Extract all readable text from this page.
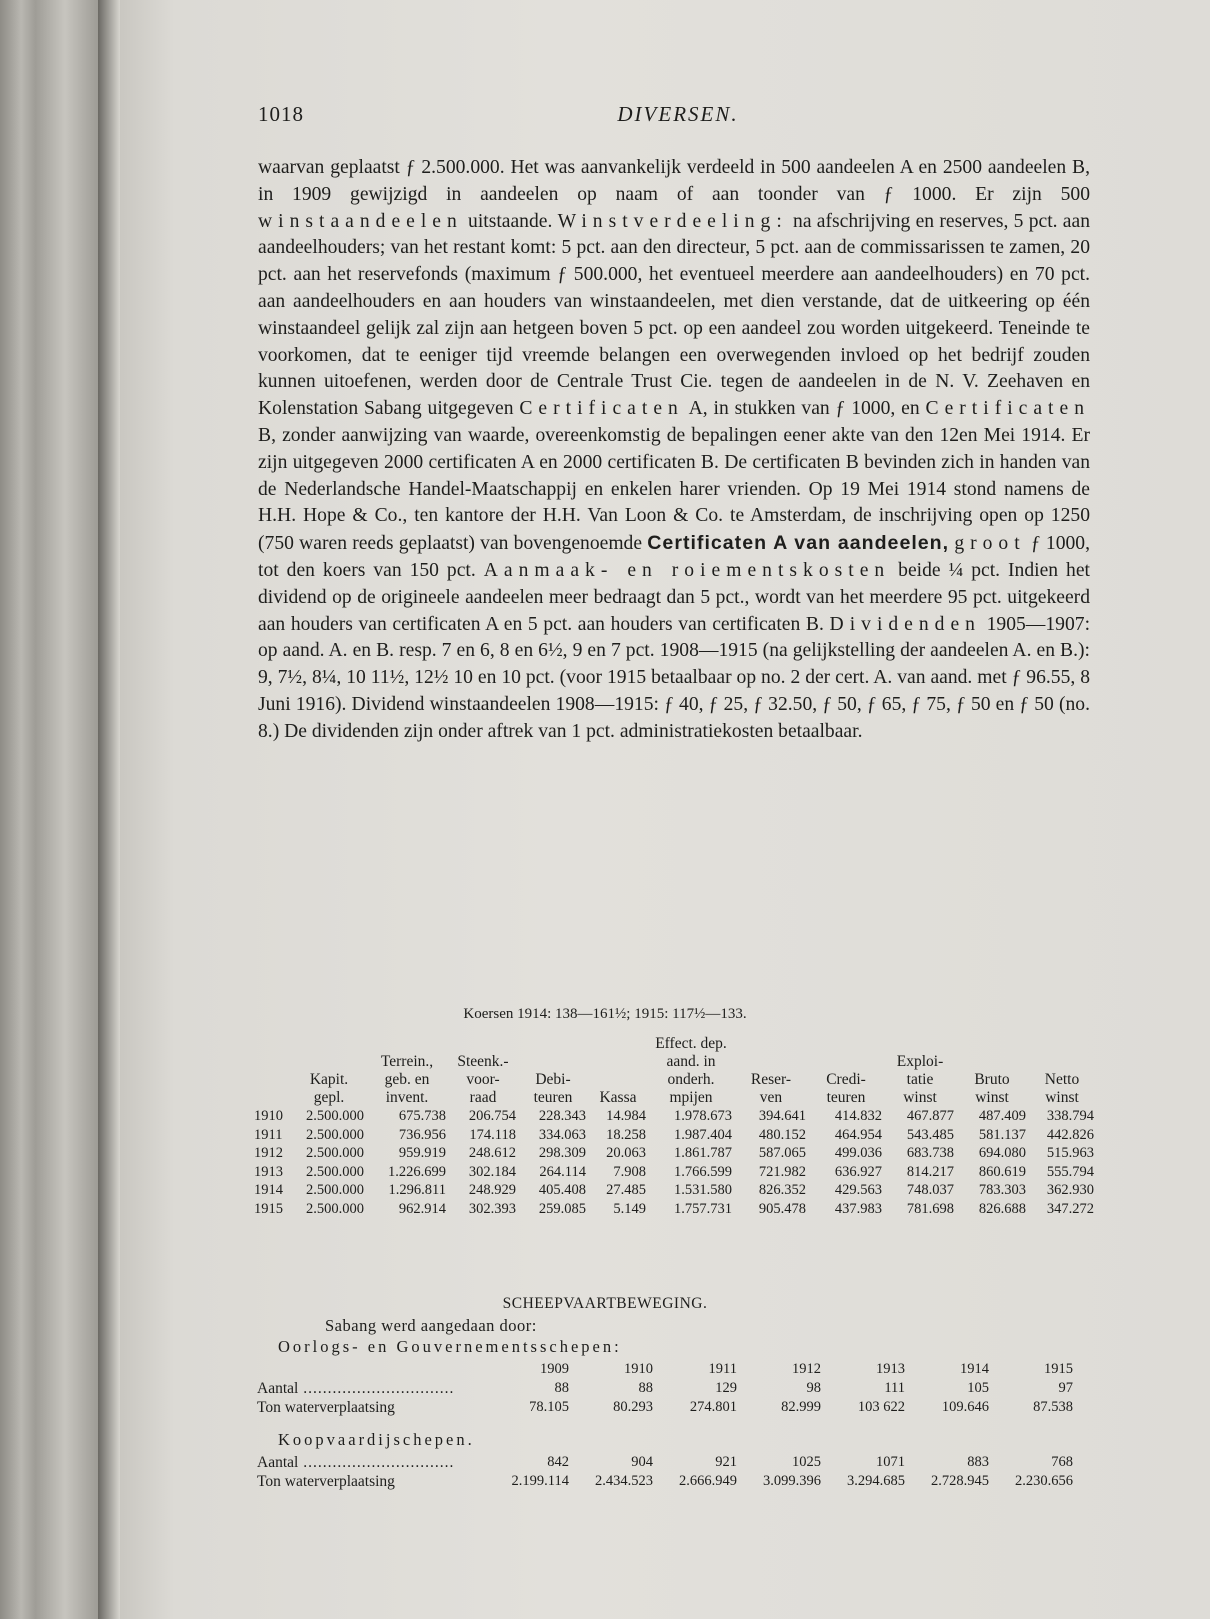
1018	DIVERSEN.

waarvan geplaatst ƒ 2.500.000. Het was aanvankelijk verdeeld in 500 aandeelen A en 2500 aandeelen B, in 1909 gewijzigd in aandeelen op naam of aan toonder van ƒ 1000. Er zijn 500 winstaandeelen uitstaande. Winstverdeeling: na afschrijving en reserves, 5 pct. aan aandeelhouders; van het restant komt: 5 pct. aan den directeur, 5 pct. aan de commissarissen te zamen, 20 pct. aan het reservefonds (maximum ƒ 500.000, het eventueel meerdere aan aandeelhouders) en 70 pct. aan aandeelhouders en aan houders van winstaandeelen, met dien verstande, dat de uitkeering op één winstaandeel gelijk zal zijn aan hetgeen boven 5 pct. op een aandeel zou worden uitgekeerd. Teneinde te voorkomen, dat te eeniger tijd vreemde belangen een overwegenden invloed op het bedrijf zouden kunnen uitoefenen, werden door de Centrale Trust Cie. tegen de aandeelen in de N. V. Zeehaven en Kolenstation Sabang uitgegeven Certificaten A, in stukken van ƒ 1000, en Certificaten B, zonder aanwijzing van waarde, overeenkomstig de bepalingen eener akte van den 12en Mei 1914. Er zijn uitgegeven 2000 certificaten A en 2000 certificaten B. De certificaten B bevinden zich in handen van de Nederlandsche Handel-Maatschappij en enkelen harer vrienden. Op 19 Mei 1914 stond namens de H.H. Hope & Co., ten kantore der H.H. Van Loon & Co. te Amsterdam, de inschrijving open op 1250 (750 waren reeds geplaatst) van bovengenoemde Certificaten A van aandeelen, groot ƒ 1000, tot den koers van 150 pct. Aanmaak- en roiementskosten beide ¼ pct. Indien het dividend op de origineele aandeelen meer bedraagt dan 5 pct., wordt van het meerdere 95 pct. uitgekeerd aan houders van certificaten A en 5 pct. aan houders van certificaten B. Dividenden 1905—1907: op aand. A. en B. resp. 7 en 6, 8 en 6½, 9 en 7 pct. 1908—1915 (na gelijkstelling der aandeelen A. en B.): 9, 7½, 8¼, 10 11½, 12½ 10 en 10 pct. (voor 1915 betaalbaar op no. 2 der cert. A. van aand. met ƒ 96.55, 8 Juni 1916). Dividend winstaandeelen 1908—1915: ƒ 40, ƒ 25, ƒ 32.50, ƒ 50, ƒ 65, ƒ 75, ƒ 50 en ƒ 50 (no. 8.) De dividenden zijn onder aftrek van 1 pct. administratiekosten betaalbaar.

Koersen 1914: 138—161½; 1915: 117½—133.
						Effect. dep.					
		Terrein.,	Steenk.-			aand. in			Exploi-		
	Kapit.	geb. en	voor-	Debi-		onderh.	Reser-	Credi-	tatie	Bruto	Netto
	gepl.	invent.	raad	teuren	Kassa	mpijen	ven	teuren	winst	winst	winst
1910	2.500.000	675.738	206.754	228.343	14.984	1.978.673	394.641	414.832	467.877	487.409	338.794
1911	2.500.000	736.956	174.118	334.063	18.258	1.987.404	480.152	464.954	543.485	581.137	442.826
1912	2.500.000	959.919	248.612	298.309	20.063	1.861.787	587.065	499.036	683.738	694.080	515.963
1913	2.500.000	1.226.699	302.184	264.114	7.908	1.766.599	721.982	636.927	814.217	860.619	555.794
1914	2.500.000	1.296.811	248.929	405.408	27.485	1.531.580	826.352	429.563	748.037	783.303	362.930
1915	2.500.000	962.914	302.393	259.085	5.149	1.757.731	905.478	437.983	781.698	826.688	347.272
SCHEEPVAARTBEWEGING.
Sabang werd aangedaan door:
Oorlogs- en Gouvernementsschepen:
	1909	1910	1911	1912	1913	1914	1915
Aantal .....	88	88	129	98	111	105	97
Ton waterverplaatsing	78.105	80.293	274.801	82.999	103 622	109.646	87.538
Koopvaardijschepen.
Aantal .....	842	904	921	1025	1071	883	768
Ton waterverplaatsing	2.199.114	2.434.523	2.666.949	3.099.396	3.294.685	2.728.945	2.230.656
